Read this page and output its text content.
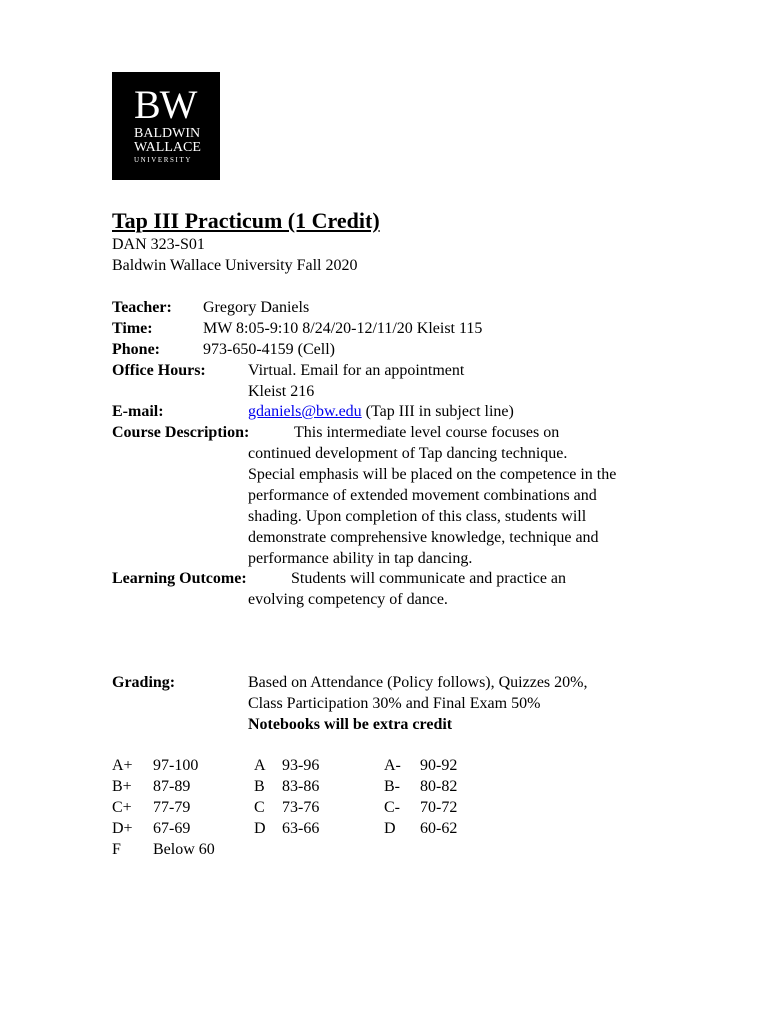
BW
BALDWIN
WALLACE
UNIVERSITY
Tap III Practicum (1 Credit)
DAN 323-S01
Baldwin Wallace University Fall 2020
Teacher: Gregory Daniels
Time:	MW 8:05-9:10 8/24/20-12/11/20 Kleist 115
Phone:	973-650-4159 (Cell)
Office Hours:	Virtual. Email for an appointment
Kleist 216
E-mail:	gdaniels@bw.edu (Tap III in subject line)
Course Description:	This intermediate level course focuses on
continued development of Tap dancing technique.
Special emphasis will be placed on the competence in the
performance of extended movement combinations and
shading. Upon completion of this class, students will
demonstrate comprehensive knowledge, technique and
performance ability in tap dancing.
Learning Outcome:	Students will communicate and practice an
evolving competency of dance.
Grading:	Based on Attendance (Policy follows), Quizzes 20%,
Class Participation 30% and Final Exam 50%
Notebooks will be extra credit
A+ 97-100	A 93-96	A- 90-92
B+ 87-89	B 83-86	B- 80-82
C+ 77-79	C 73-76	C- 70-72
D+ 67-69	D 63-66	D 60-62
F Below 60
